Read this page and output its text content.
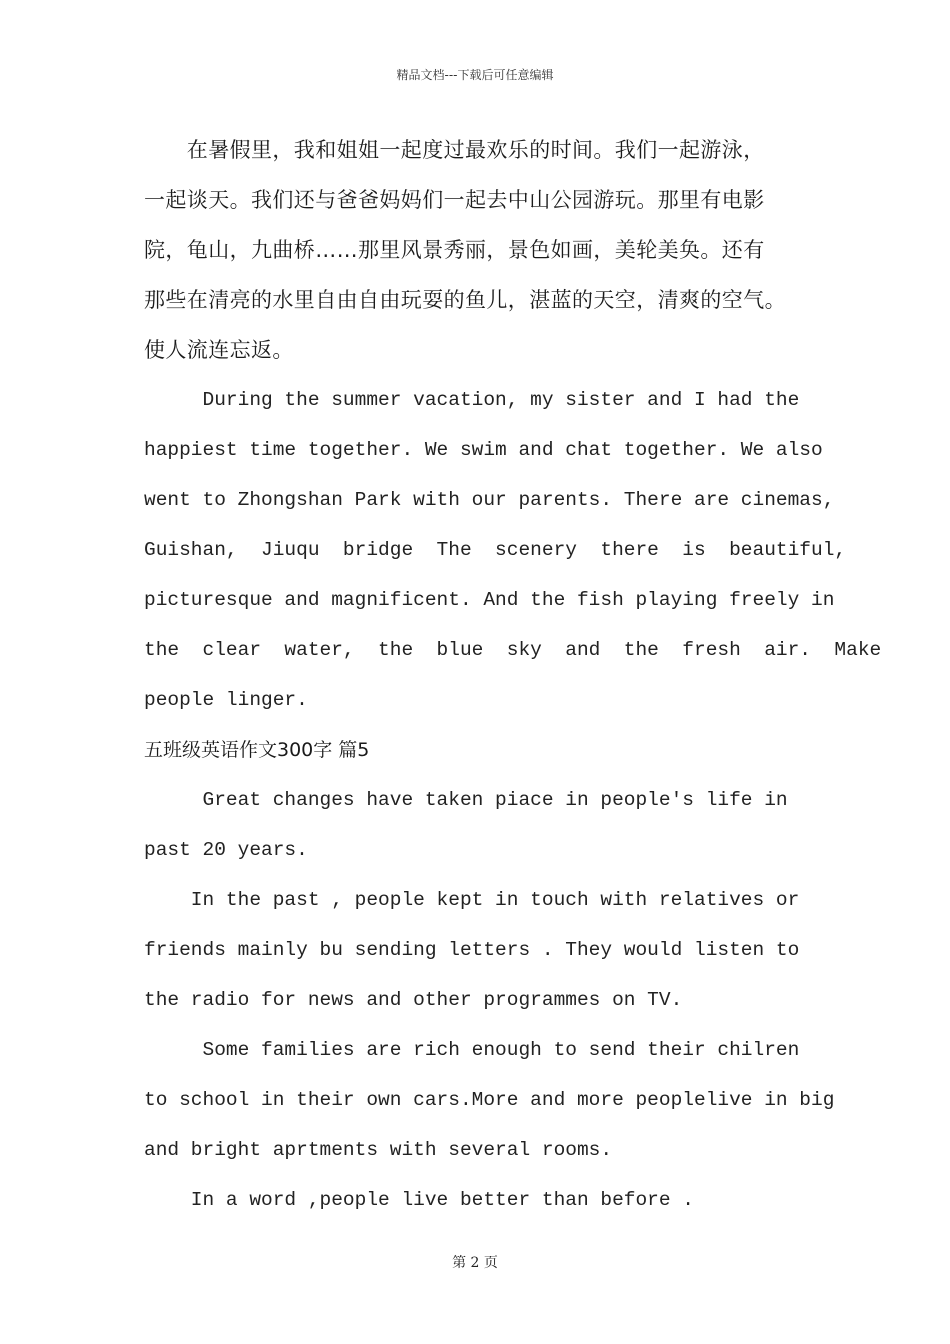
精品文档---下载后可任意编辑
　　在暑假里，我和姐姐一起度过最欢乐的时间。我们一起游泳，
一起谈天。我们还与爸爸妈妈们一起去中山公园游玩。那里有电影
院，龟山，九曲桥……那里风景秀丽，景色如画，美轮美奂。还有
那些在清亮的水里自由自由玩耍的鱼儿，湛蓝的天空，清爽的空气。
使人流连忘返。
During the summer vacation, my sister and I had the
happiest time together. We swim and chat together. We also
went to Zhongshan Park with our parents. There are cinemas,
Guishan,  Jiuqu  bridge  The  scenery  there  is  beautiful,
picturesque and magnificent. And the fish playing freely in
the  clear  water,  the  blue  sky  and  the  fresh  air.  Make
people linger.
五班级英语作文300字 篇5
Great changes have taken piace in people's life in
past 20 years.
In the past , people kept in touch with relatives or
friends mainly bu sending letters . They would listen to
the radio for news and other programmes on TV.
Some families are rich enough to send their chilren
to school in their own cars.More and more peoplelive in big
and bright aprtments with several rooms.
In a word ,people live better than before .
第 2 页
